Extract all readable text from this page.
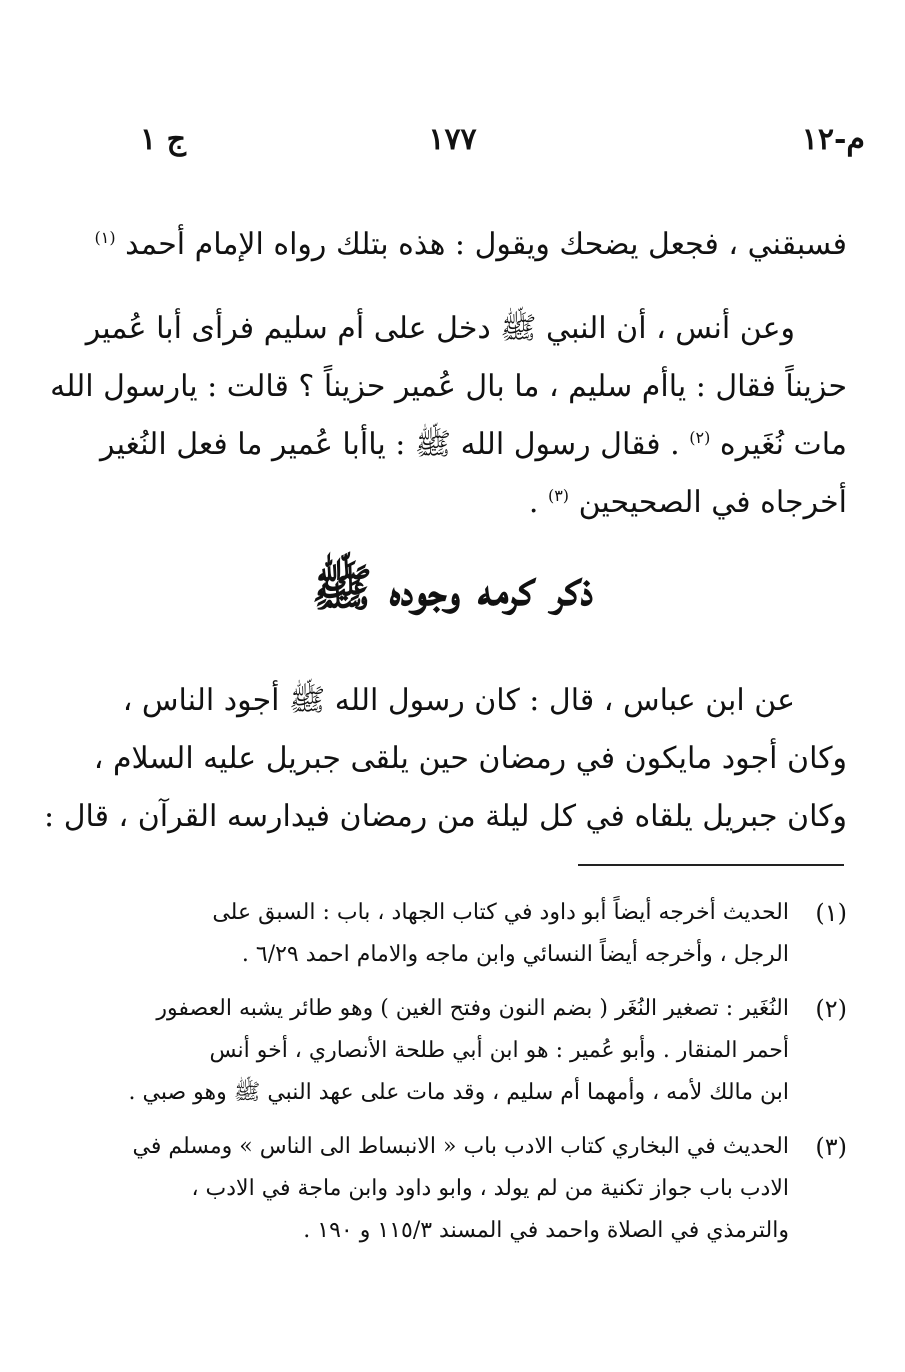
م-١٢
١٧٧
ج ١
فسبقني ، فجعل يضحك ويقول : هذه بتلك رواه الإمام أحمد $^{(١)}$
وعن أنس ، أن النبي ﷺ دخل على أم سليم فرأى أبا عُمير
حزيناً فقال : ياأم سليم ، ما بال عُمير حزيناً ؟ قالت : يارسول الله
مات نُغَيره $^{(٢)}$ . فقال رسول الله ﷺ : ياأبا عُمير ما فعل النُغير
أخرجاه في الصحيحين $^{(٣)}$ .
ذكر كرمه وجوده ﷺ
عن ابن عباس ، قال : كان رسول الله ﷺ أجود الناس ،
وكان أجود مايكون في رمضان حين يلقى جبريل عليه السلام ،
وكان جبريل يلقاه في كل ليلة من رمضان فيدارسه القرآن ، قال :
(١)
الحديث أخرجه أيضاً أبو داود في كتاب الجهاد ، باب : السبق على
الرجل ، وأخرجه أيضاً النسائي وابن ماجه والامام احمد ٦/٢٩ .
(٢)
النُغَير : تصغير النُغَر ( بضم النون وفتح الغين ) وهو طائر يشبه العصفور
أحمر المنقار . وأبو عُمير : هو ابن أبي طلحة الأنصاري ، أخو أنس
ابن مالك لأمه ، وأمهما أم سليم ، وقد مات على عهد النبي ﷺ وهو صبي .
(٣)
الحديث في البخاري كتاب الادب باب « الانبساط الى الناس » ومسلم في
الادب باب جواز تكنية من لم يولد ، وابو داود وابن ماجة في الادب ،
والترمذي في الصلاة واحمد في المسند ١١٥/٣ و ١٩٠ .
